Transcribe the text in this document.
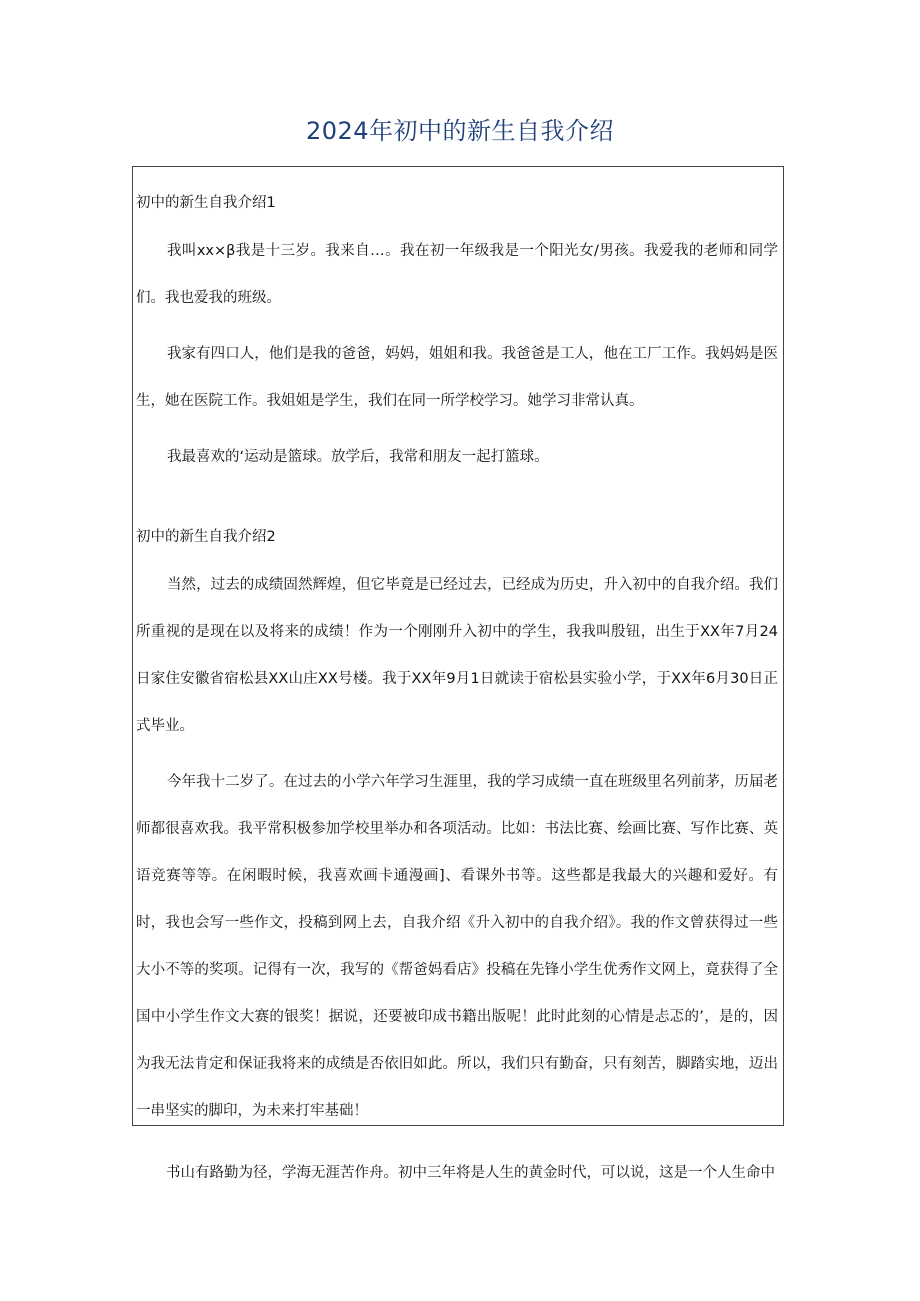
2024年初中的新生自我介绍

初中的新生自我介绍1

我叫xx×β我是十三岁。我来自…。我在初一年级我是一个阳光女/男孩。我爱我的老师和同学们。我也爱我的班级。

我家有四口人，他们是我的爸爸，妈妈，姐姐和我。我爸爸是工人，他在工厂工作。我妈妈是医生，她在医院工作。我姐姐是学生，我们在同一所学校学习。她学习非常认真。

我最喜欢的‘运动是篮球。放学后，我常和朋友一起打篮球。

初中的新生自我介绍2

当然，过去的成绩固然辉煌，但它毕竟是已经过去，已经成为历史，升入初中的自我介绍。我们所重视的是现在以及将来的成绩！作为一个刚刚升入初中的学生，我我叫殷钮，出生于XX年7月24日家住安徽省宿松县XX山庄XX号楼。我于XX年9月1日就读于宿松县实验小学，于XX年6月30日正式毕业。

今年我十二岁了。在过去的小学六年学习生涯里，我的学习成绩一直在班级里名列前茅，历届老师都很喜欢我。我平常积极参加学校里举办和各项活动。比如：书法比赛、绘画比赛、写作比赛、英语竞赛等等。在闲暇时候，我喜欢画卡通漫画]、看课外书等。这些都是我最大的兴趣和爱好。有时，我也会写一些作文，投稿到网上去，自我介绍《升入初中的自我介绍》。我的作文曾获得过一些大小不等的奖项。记得有一次，我写的《帮爸妈看店》投稿在先锋小学生优秀作文网上，竟获得了全国中小学生作文大赛的银奖！据说，还要被印成书籍出版呢！此时此刻的心情是忐忑的’，是的，因为我无法肯定和保证我将来的成绩是否依旧如此。所以，我们只有勤奋，只有刻苦，脚踏实地，迈出一串坚实的脚印，为未来打牢基础！

书山有路勤为径，学海无涯苦作舟。初中三年将是人生的黄金时代，可以说，这是一个人生命中
